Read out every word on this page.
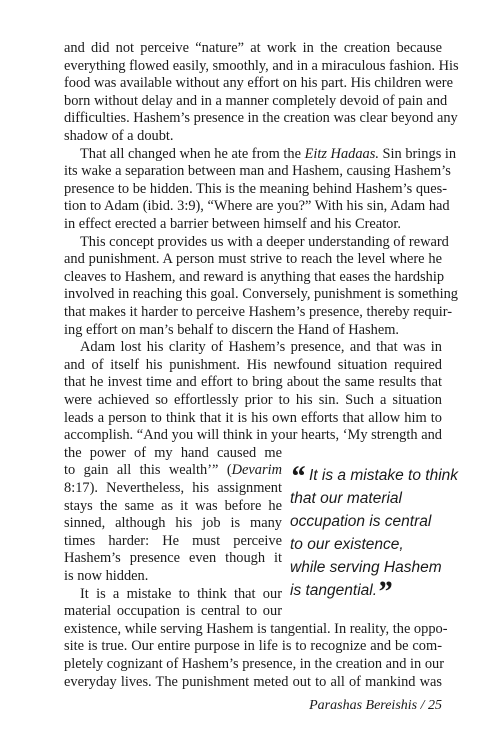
and did not perceive “nature” at work in the creation because
everything flowed easily, smoothly, and in a miraculous fashion. His
food was available without any effort on his part. His children were
born without delay and in a manner completely devoid of pain and
difficulties. Hashem’s presence in the creation was clear beyond any
shadow of a doubt.
That all changed when he ate from the Eitz Hadaas. Sin brings in
its wake a separation between man and Hashem, causing Hashem’s
presence to be hidden. This is the meaning behind Hashem’s ques-
tion to Adam (ibid. 3:9), “Where are you?” With his sin, Adam had
in effect erected a barrier between himself and his Creator.
This concept provides us with a deeper understanding of reward
and punishment. A person must strive to reach the level where he
cleaves to Hashem, and reward is anything that eases the hardship
involved in reaching this goal. Conversely, punishment is something
that makes it harder to perceive Hashem’s presence, thereby requir-
ing effort on man’s behalf to discern the Hand of Hashem.
Adam lost his clarity of Hashem’s presence, and that was in
and of itself his punishment. His newfound situation required
that he invest time and effort to bring about the same results that
were achieved so effortlessly prior to his sin. Such a situation
leads a person to think that it is his own efforts that allow him to
accomplish. “And you will think in your hearts, ‘My strength and
the power of my hand caused me
to gain all this wealth’” (Devarim
8:17). Nevertheless, his assignment
stays the same as it was before he
sinned, although his job is many
times harder: He must perceive
Hashem’s presence even though it
is now hidden.
It is a mistake to think that our
“ It is a mistake to think
that our material
occupation is central
to our existence,
while serving Hashem
is tangential.”
material occupation is central to our
existence, while serving Hashem is tangential. In reality, the oppo-
site is true. Our entire purpose in life is to recognize and be com-
pletely cognizant of Hashem’s presence, in the creation and in our
everyday lives. The punishment meted out to all of mankind was
Parashas Bereishis / 25
